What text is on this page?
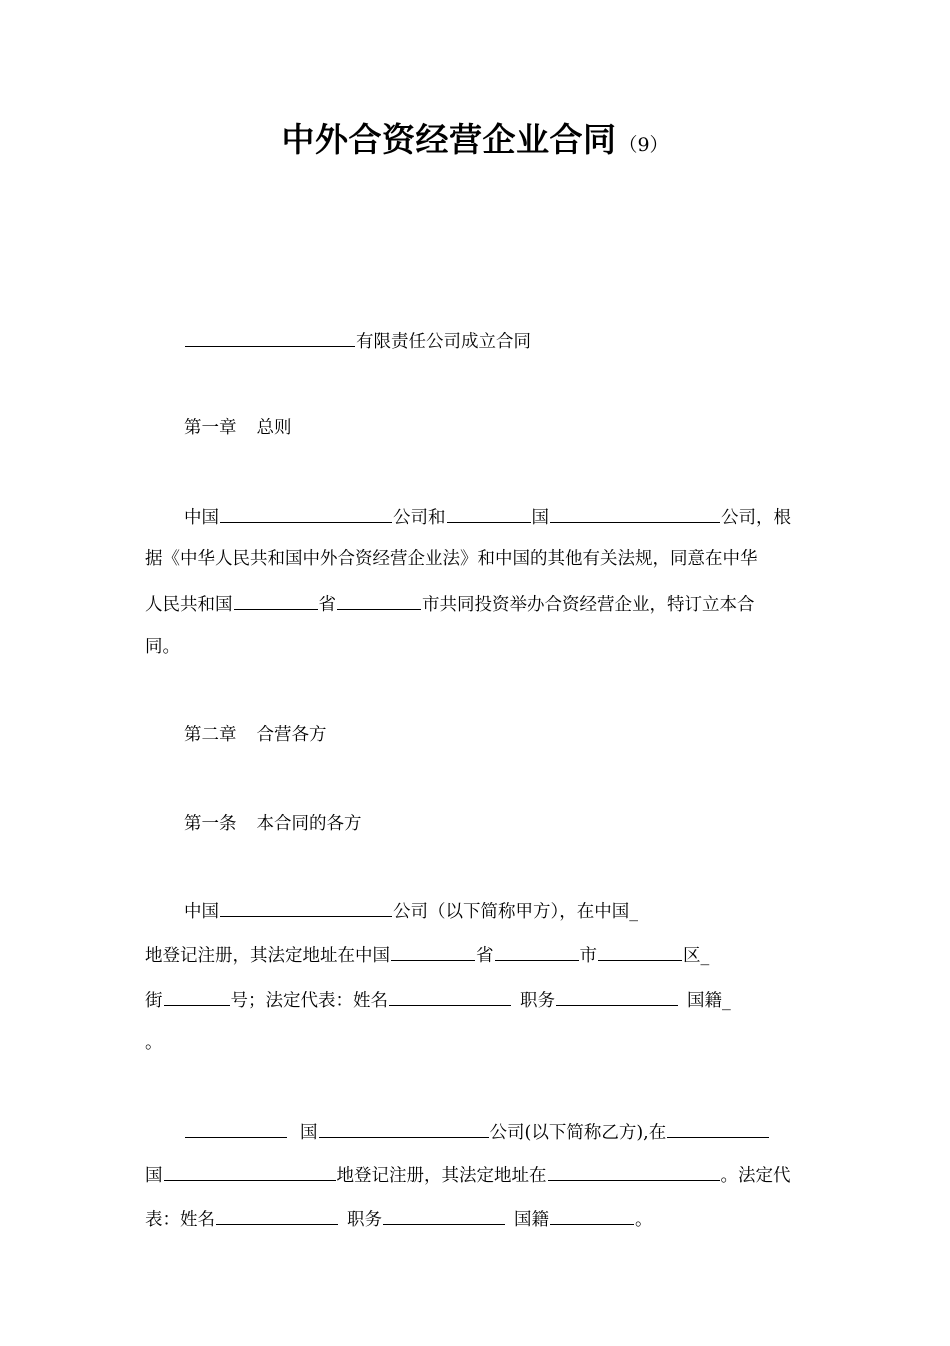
中外合资经营企业合同 （9）
有限责任公司成立合同
第一章 总则
中国	公司和	国	公司，根
据《中华人民共和国中外合资经营企业法》和中国的其他有关法规，同意在中华
人民共和国	省	市共同投资举办合资经营企业，特订立本合
同。
第二章 合营各方
第一条 本合同的各方
中国	公司（以下简称甲方），在中国_
地登记注册，其法定地址在中国	省	市	区_
街	号；法定代表：姓名	职务	国籍_
。
国	公司(以下简称乙方),在
国	地登记注册，其法定地址在	。法定代
表：姓名	职务	国籍	。
